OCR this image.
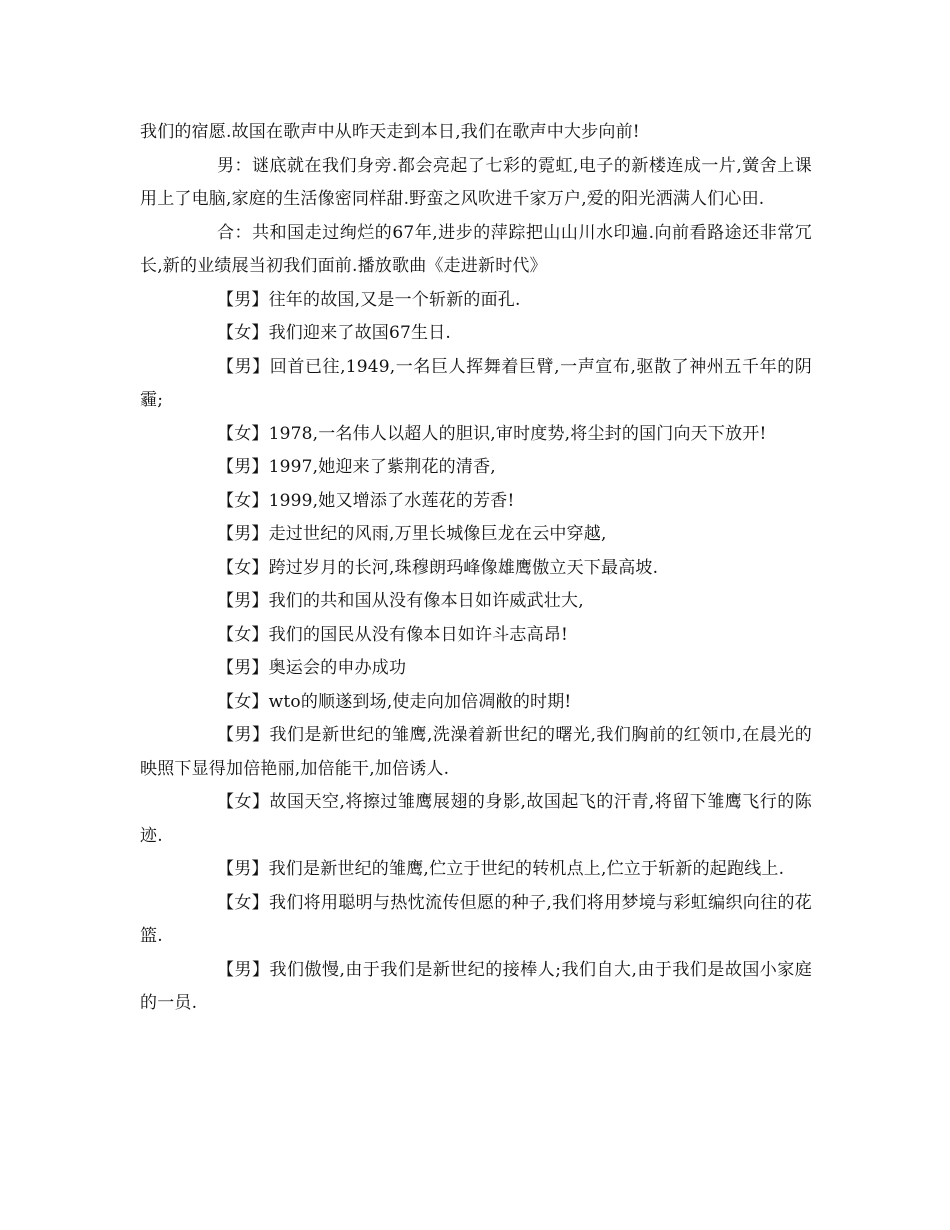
我们的宿愿.故国在歌声中从昨天走到本日,我们在歌声中大步向前!

男：谜底就在我们身旁.都会亮起了七彩的霓虹,电子的新楼连成一片,黉舍上课用上了电脑,家庭的生活像密同样甜.野蛮之风吹进千家万户,爱的阳光洒满人们心田.

合：共和国走过绚烂的67年,进步的萍踪把山山川水印遍.向前看路途还非常冗长,新的业绩展当初我们面前.播放歌曲《走进新时代》

【男】往年的故国,又是一个斩新的面孔.

【女】我们迎来了故国67生日.

【男】回首已往,1949,一名巨人挥舞着巨臂,一声宣布,驱散了神州五千年的阴霾;

【女】1978,一名伟人以超人的胆识,审时度势,将尘封的国门向天下放开!

【男】1997,她迎来了紫荆花的清香,

【女】1999,她又增添了水莲花的芳香!

【男】走过世纪的风雨,万里长城像巨龙在云中穿越,

【女】跨过岁月的长河,珠穆朗玛峰像雄鹰傲立天下最高坡.

【男】我们的共和国从没有像本日如许威武壮大,

【女】我们的国民从没有像本日如许斗志高昂!

【男】奥运会的申办成功

【女】wto的顺遂到场,使走向加倍凋敝的时期!

【男】我们是新世纪的雏鹰,洗澡着新世纪的曙光,我们胸前的红领巾,在晨光的映照下显得加倍艳丽,加倍能干,加倍诱人.

【女】故国天空,将擦过雏鹰展翅的身影,故国起飞的汗青,将留下雏鹰飞行的陈迹.

【男】我们是新世纪的雏鹰,伫立于世纪的转机点上,伫立于斩新的起跑线上.

【女】我们将用聪明与热忱流传但愿的种子,我们将用梦境与彩虹编织向往的花篮.

【男】我们傲慢,由于我们是新世纪的接棒人;我们自大,由于我们是故国小家庭的一员.
